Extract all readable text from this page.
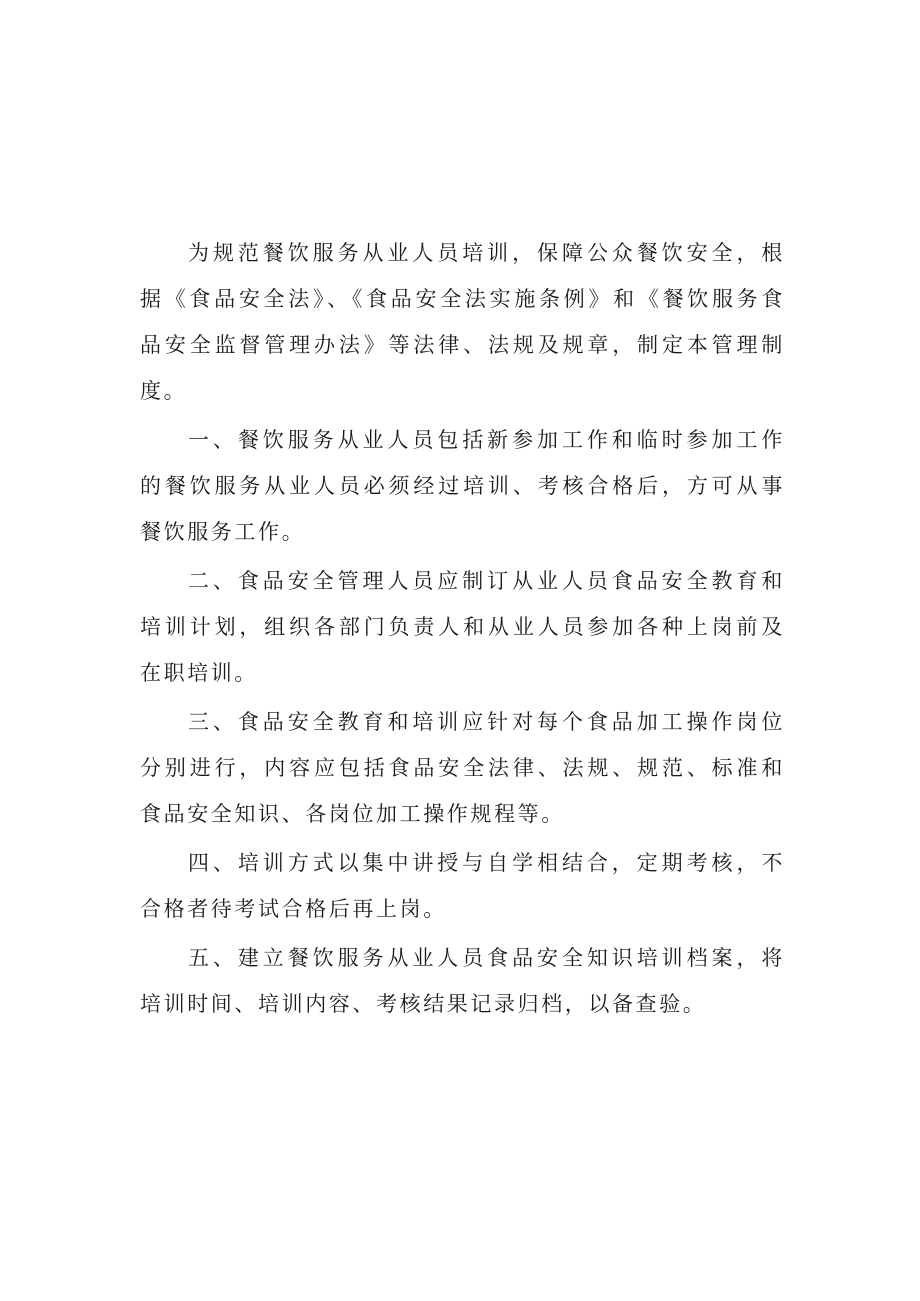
为规范餐饮服务从业人员培训，保障公众餐饮安全，根 据《食品安全法》、《食品安全法实施条例》和《餐饮服务食 品安全监督管理办法》等法律、法规及规章，制定本管理制 度。

一、餐饮服务从业人员包括新参加工作和临时参加工作 的餐饮服务从业人员必须经过培训、考核合格后，方可从事 餐饮服务工作。

二、食品安全管理人员应制订从业人员食品安全教育和 培训计划，组织各部门负责人和从业人员参加各种上岗前及 在职培训。

三、食品安全教育和培训应针对每个食品加工操作岗位 分别进行，内容应包括食品安全法律、法规、规范、标准和 食品安全知识、各岗位加工操作规程等。

四、培训方式以集中讲授与自学相结合，定期考核，不 合格者待考试合格后再上岗。

五、建立餐饮服务从业人员食品安全知识培训档案，将 培训时间、培训内容、考核结果记录归档，以备查验。
